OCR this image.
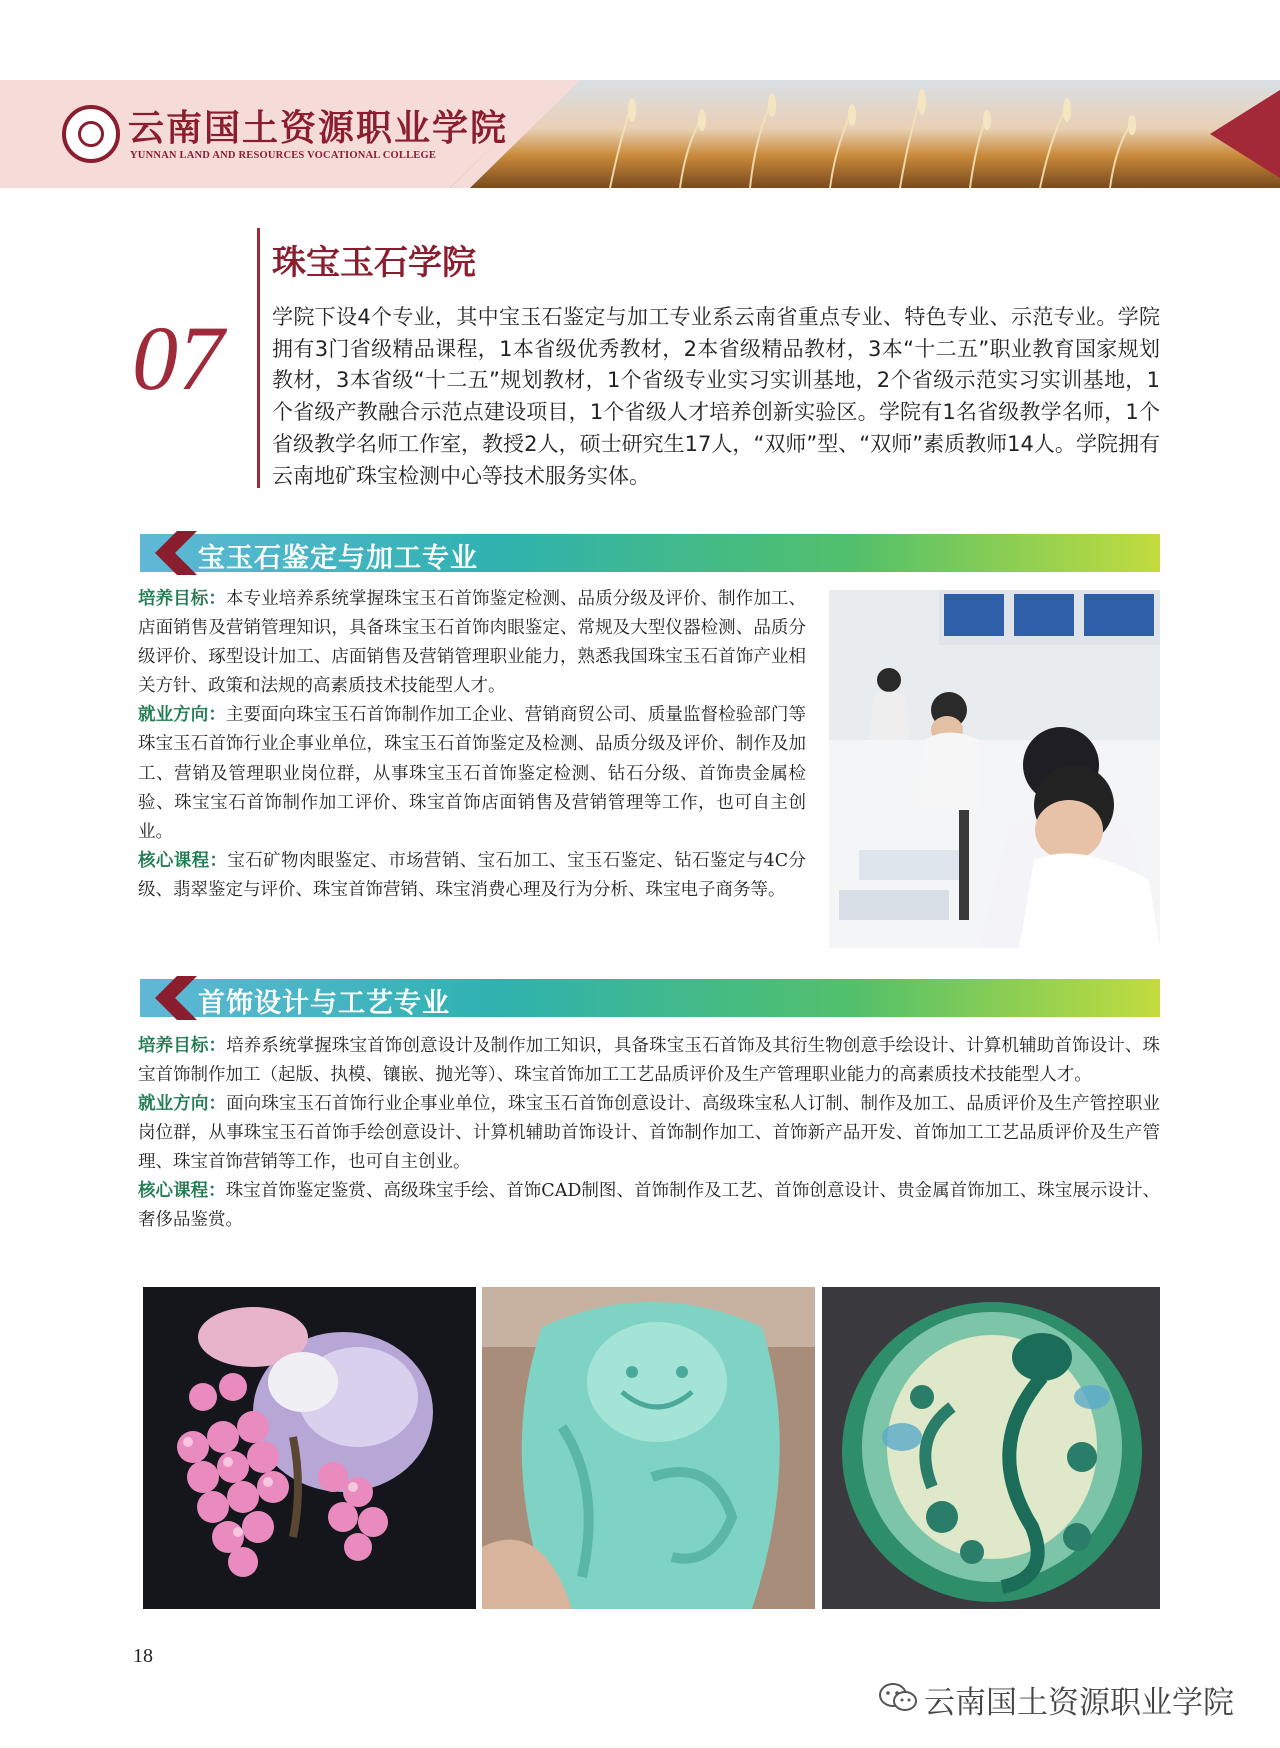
云南国土资源职业学院
YUNNAN LAND AND RESOURCES VOCATIONAL COLLEGE
07
珠宝玉石学院
学院下设4个专业，其中宝玉石鉴定与加工专业系云南省重点专业、特色专业、示范专业。学院拥有3门省级精品课程，1本省级优秀教材，2本省级精品教材，3本“十二五”职业教育国家规划教材，3本省级“十二五”规划教材，1个省级专业实习实训基地，2个省级示范实习实训基地，1个省级产教融合示范点建设项目，1个省级人才培养创新实验区。学院有1名省级教学名师，1个省级教学名师工作室，教授2人，硕士研究生17人，“双师”型、“双师”素质教师14人。学院拥有云南地矿珠宝检测中心等技术服务实体。
宝玉石鉴定与加工专业

培养目标：本专业培养系统掌握珠宝玉石首饰鉴定检测、品质分级及评价、制作加工、店面销售及营销管理知识，具备珠宝玉石首饰肉眼鉴定、常规及大型仪器检测、品质分级评价、琢型设计加工、店面销售及营销管理职业能力，熟悉我国珠宝玉石首饰产业相关方针、政策和法规的高素质技术技能型人才。
就业方向：主要面向珠宝玉石首饰制作加工企业、营销商贸公司、质量监督检验部门等珠宝玉石首饰行业企事业单位，珠宝玉石首饰鉴定及检测、品质分级及评价、制作及加工、营销及管理职业岗位群，从事珠宝玉石首饰鉴定检测、钻石分级、首饰贵金属检验、珠宝宝石首饰制作加工评价、珠宝首饰店面销售及营销管理等工作，也可自主创业。
核心课程：宝石矿物肉眼鉴定、市场营销、宝石加工、宝玉石鉴定、钻石鉴定与4C分级、翡翠鉴定与评价、珠宝首饰营销、珠宝消费心理及行为分析、珠宝电子商务等。

首饰设计与工艺专业

培养目标：培养系统掌握珠宝首饰创意设计及制作加工知识，具备珠宝玉石首饰及其衍生物创意手绘设计、计算机辅助首饰设计、珠宝首饰制作加工（起版、执模、镶嵌、抛光等）、珠宝首饰加工工艺品质评价及生产管理职业能力的高素质技术技能型人才。
就业方向：面向珠宝玉石首饰行业企事业单位，珠宝玉石首饰创意设计、高级珠宝私人订制、制作及加工、品质评价及生产管控职业岗位群，从事珠宝玉石首饰手绘创意设计、计算机辅助首饰设计、首饰制作加工、首饰新产品开发、首饰加工工艺品质评价及生产管理、珠宝首饰营销等工作，也可自主创业。
核心课程：珠宝首饰鉴定鉴赏、高级珠宝手绘、首饰CAD制图、首饰制作及工艺、首饰创意设计、贵金属首饰加工、珠宝展示设计、奢侈品鉴赏。

18
云南国土资源职业学院
